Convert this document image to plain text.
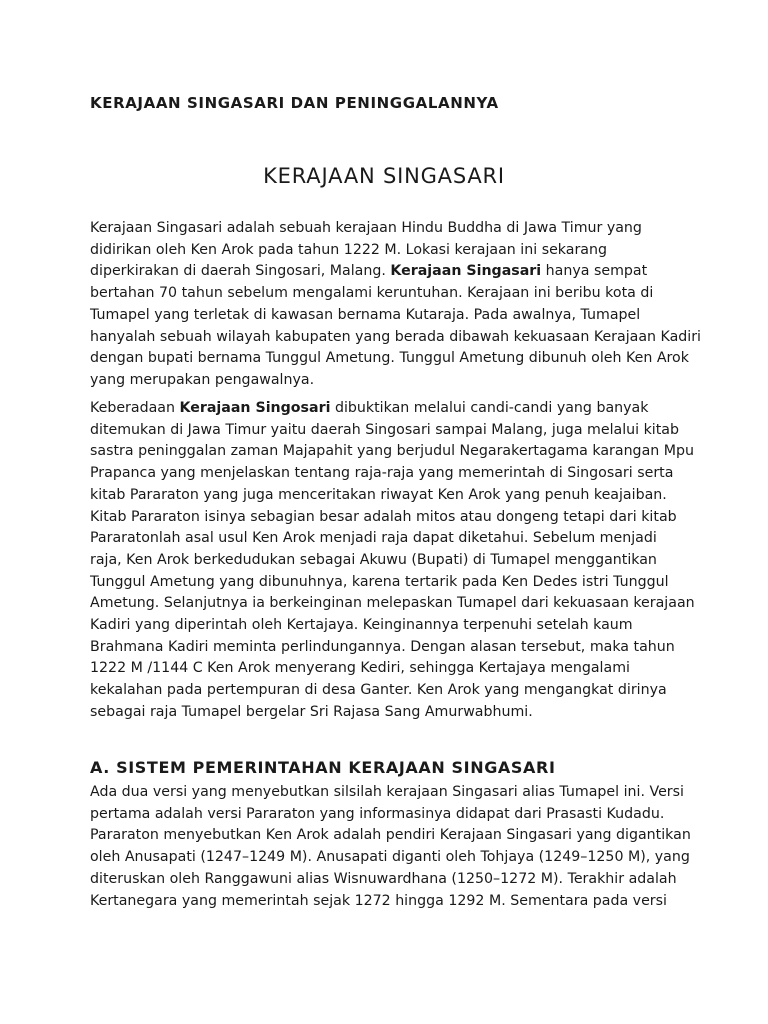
KERAJAAN SINGASARI DAN PENINGGALANNYA
KERAJAAN SINGASARI
Kerajaan Singasari adalah sebuah kerajaan Hindu Buddha di Jawa Timur yang
didirikan oleh Ken Arok pada tahun 1222 M. Lokasi kerajaan ini sekarang
diperkirakan di daerah Singosari, Malang. Kerajaan Singasari hanya sempat
bertahan 70 tahun sebelum mengalami keruntuhan. Kerajaan ini beribu kota di
Tumapel yang terletak di kawasan bernama Kutaraja. Pada awalnya, Tumapel
hanyalah sebuah wilayah kabupaten yang berada dibawah kekuasaan Kerajaan Kadiri
dengan bupati bernama Tunggul Ametung. Tunggul Ametung dibunuh oleh Ken Arok
yang merupakan pengawalnya.
Keberadaan Kerajaan Singosari dibuktikan melalui candi-candi yang banyak
ditemukan di Jawa Timur yaitu daerah Singosari sampai Malang, juga melalui kitab
sastra peninggalan zaman Majapahit yang berjudul Negarakertagama karangan Mpu
Prapanca yang menjelaskan tentang raja-raja yang memerintah di Singosari serta
kitab Pararaton yang juga menceritakan riwayat Ken Arok yang penuh keajaiban.
Kitab Pararaton isinya sebagian besar adalah mitos atau dongeng tetapi dari kitab
Pararatonlah asal usul Ken Arok menjadi raja dapat diketahui. Sebelum menjadi
raja, Ken Arok berkedudukan sebagai Akuwu (Bupati) di Tumapel menggantikan
Tunggul Ametung yang dibunuhnya, karena tertarik pada Ken Dedes istri Tunggul
Ametung. Selanjutnya ia berkeinginan melepaskan Tumapel dari kekuasaan kerajaan
Kadiri yang diperintah oleh Kertajaya. Keinginannya terpenuhi setelah kaum
Brahmana Kadiri meminta perlindungannya. Dengan alasan tersebut, maka tahun
1222 M /1144 C Ken Arok menyerang Kediri, sehingga Kertajaya mengalami
kekalahan pada pertempuran di desa Ganter. Ken Arok yang mengangkat dirinya
sebagai raja Tumapel bergelar Sri Rajasa Sang Amurwabhumi.
A. SISTEM PEMERINTAHAN KERAJAAN SINGASARI
Ada dua versi yang menyebutkan silsilah kerajaan Singasari alias Tumapel ini. Versi
pertama adalah versi Pararaton yang informasinya didapat dari Prasasti Kudadu.
Pararaton menyebutkan Ken Arok adalah pendiri Kerajaan Singasari yang digantikan
oleh Anusapati (1247–1249 M). Anusapati diganti oleh Tohjaya (1249–1250 M), yang
diteruskan oleh Ranggawuni alias Wisnuwardhana (1250–1272 M). Terakhir adalah
Kertanegara yang memerintah sejak 1272 hingga 1292 M. Sementara pada versi
